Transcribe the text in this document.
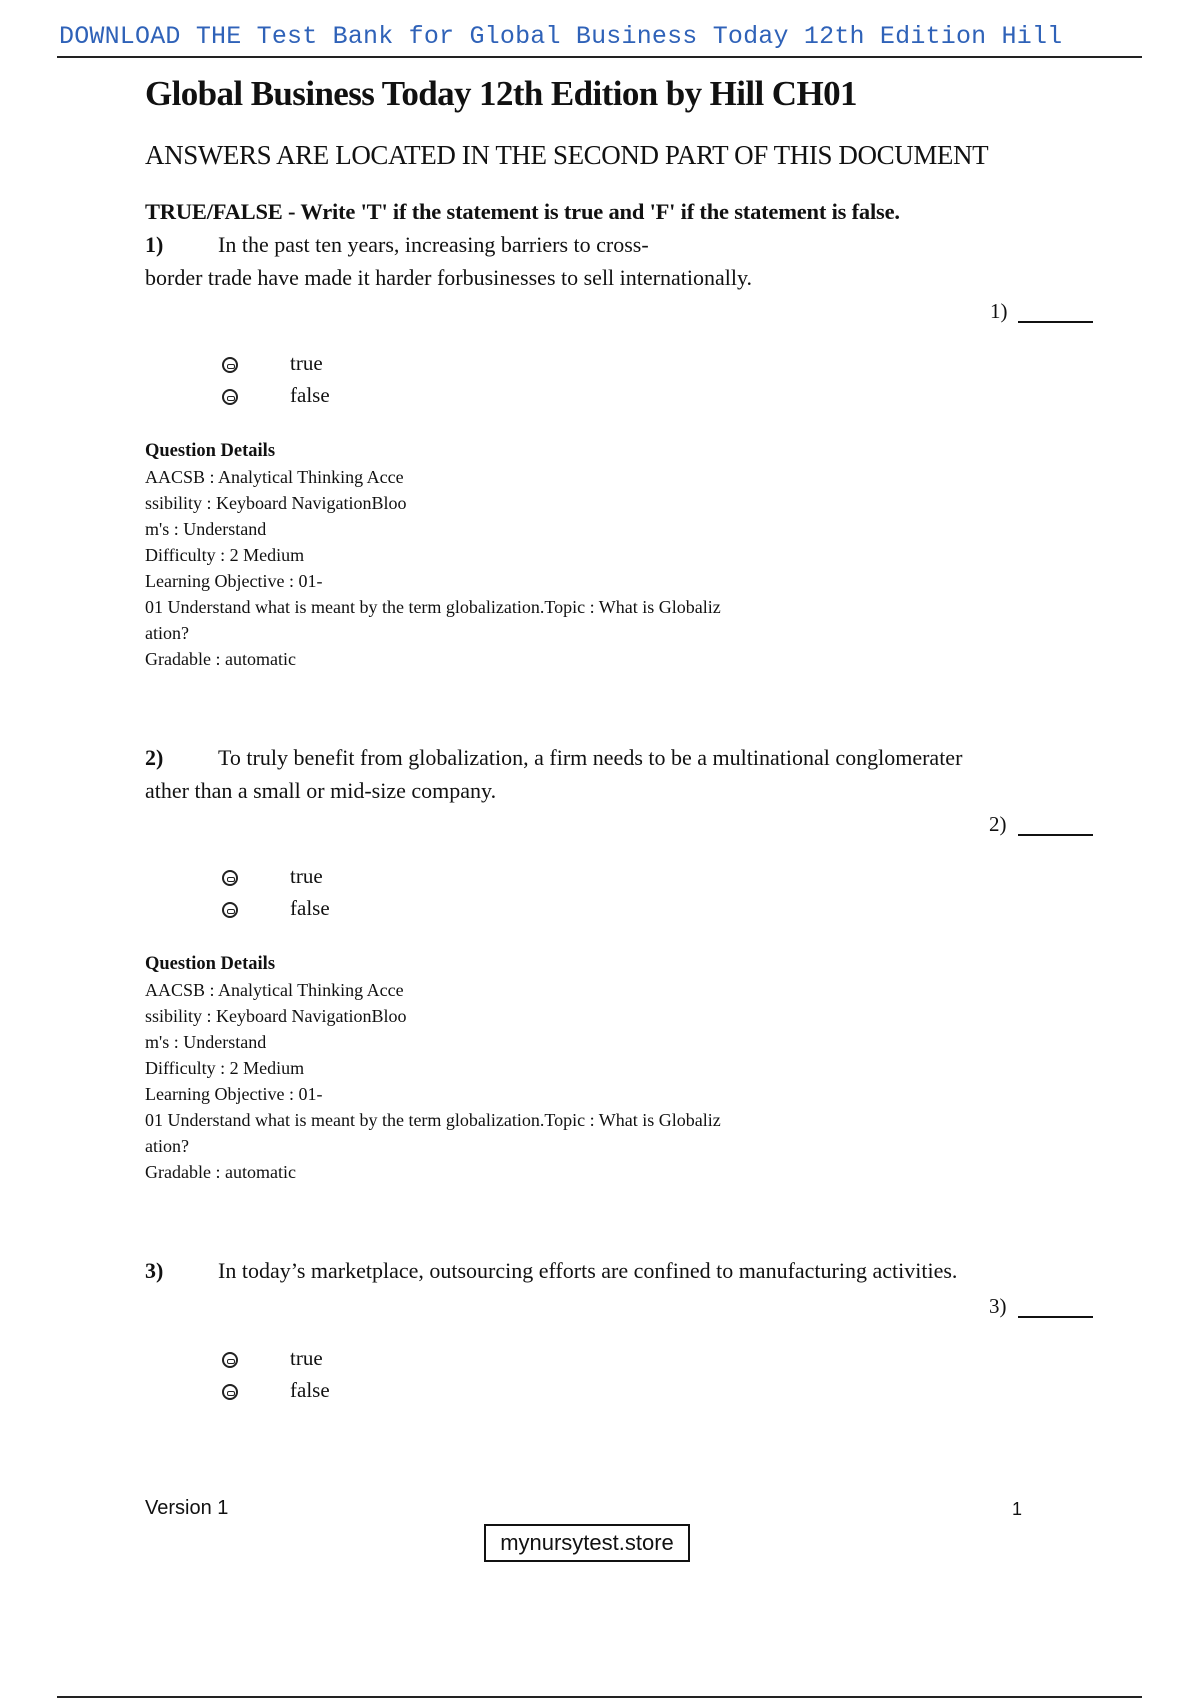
DOWNLOAD THE Test Bank for Global Business Today 12th Edition Hill
Global Business Today 12th Edition by Hill CH01
ANSWERS ARE LOCATED IN THE SECOND PART OF THIS DOCUMENT
TRUE/FALSE - Write 'T' if the statement is true and 'F' if the statement is false.
1) In the past ten years, increasing barriers to cross-
border trade have made it harder forbusinesses to sell internationally.
1)
true
false
Question Details
AACSB : Analytical Thinking Acce
ssibility : Keyboard NavigationBloo
m's : Understand
Difficulty : 2 Medium
Learning Objective : 01-
01 Understand what is meant by the term globalization.Topic : What is Globaliz
ation?
Gradable : automatic
2) To truly benefit from globalization, a firm needs to be a multinational conglomerater
ather than a small or mid-size company.
2)
true
false
Question Details
AACSB : Analytical Thinking Acce
ssibility : Keyboard NavigationBloo
m's : Understand
Difficulty : 2 Medium
Learning Objective : 01-
01 Understand what is meant by the term globalization.Topic : What is Globaliz
ation?
Gradable : automatic
3) In today’s marketplace, outsourcing efforts are confined to manufacturing activities.
3)
true
false
Version 1	1
mynursytest.store
